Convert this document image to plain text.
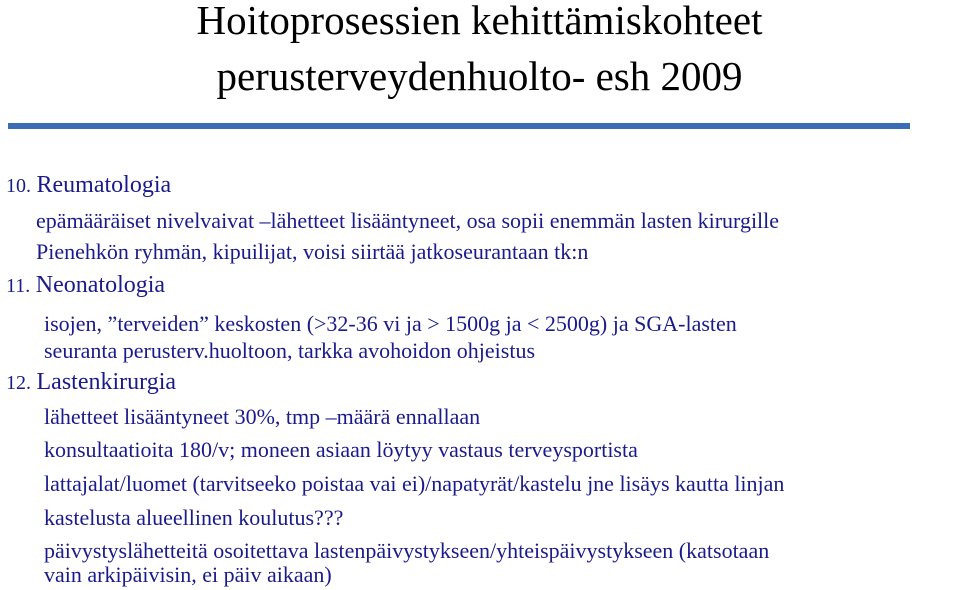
Hoitoprosessien kehittämiskohteet
perusterveydenhuolto- esh 2009
10. Reumatologia
epämääräiset nivelvaivat –lähetteet lisääntyneet, osa sopii enemmän lasten kirurgille
Pienehkön ryhmän, kipuilijat, voisi siirtää jatkoseurantaan tk:n
11. Neonatologia
isojen, ”terveiden” keskosten (>32-36 vi ja > 1500g ja < 2500g) ja SGA-lasten
seuranta perusterv.huoltoon, tarkka avohoidon ohjeistus
12. Lastenkirurgia
lähetteet lisääntyneet 30%, tmp –määrä ennallaan
konsultaatioita 180/v; moneen asiaan löytyy vastaus terveysportista
lattajalat/luomet (tarvitseeko poistaa vai ei)/napatyrät/kastelu jne lisäys kautta linjan
kastelusta alueellinen koulutus???
päivystyslähetteitä osoitettava lastenpäivystykseen/yhteispäivystykseen (katsotaan
vain arkipäivisin, ei päiv aikaan)
